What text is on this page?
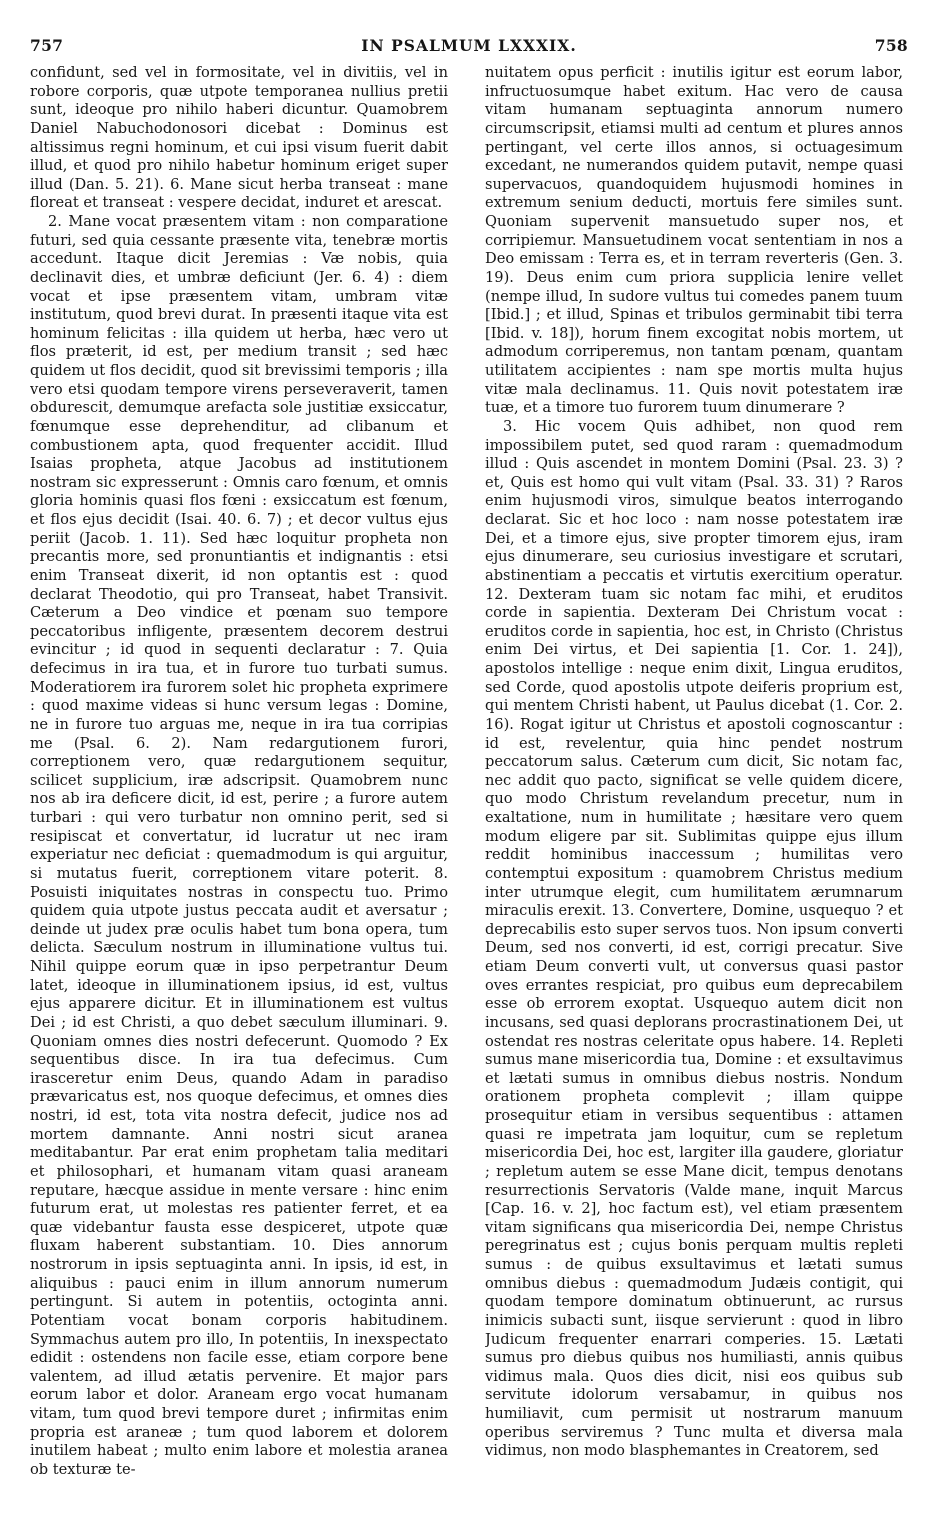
757	IN PSALMUM LXXXIX.	758

confidunt, sed vel in formositate, vel in divitiis, vel in robore corporis, quæ utpote temporanea nullius pretii sunt, ideoque pro nihilo haberi dicuntur. Quamobrem Daniel Nabuchodonosori dicebat : Dominus est altissimus regni hominum, et cui ipsi visum fuerit dabit illud, et quod pro nihilo habetur hominum eriget super illud (Dan. 5. 21). 6. Mane sicut herba transeat : mane floreat et transeat : vespere decidat, induret et arescat.

2. Mane vocat præsentem vitam : non comparatione futuri, sed quia cessante præsente vita, tenebræ mortis accedunt. Itaque dicit Jeremias : Væ nobis, quia declinavit dies, et umbræ deficiunt (Jer. 6. 4) : diem vocat et ipse præsentem vitam, umbram vitæ institutum, quod brevi durat. In præsenti itaque vita est hominum felicitas : illa quidem ut herba, hæc vero ut flos præterit, id est, per medium transit ; sed hæc quidem ut flos decidit, quod sit brevissimi temporis ; illa vero etsi quodam tempore virens perseveraverit, tamen obdurescit, demumque arefacta sole justitiæ exsiccatur, fœnumque esse deprehenditur, ad clibanum et combustionem apta, quod frequenter accidit. Illud Isaias propheta, atque Jacobus ad institutionem nostram sic expresserunt : Omnis caro fœnum, et omnis gloria hominis quasi flos fœni : exsiccatum est fœnum, et flos ejus decidit (Isai. 40. 6. 7) ; et decor vultus ejus periit (Jacob. 1. 11). Sed hæc loquitur propheta non precantis more, sed pronuntiantis et indignantis : etsi enim Transeat dixerit, id non optantis est : quod declarat Theodotio, qui pro Transeat, habet Transivit. Cæterum a Deo vindice et pœnam suo tempore peccatoribus infligente, præsentem decorem destrui evincitur ; id quod in sequenti declaratur : 7. Quia defecimus in ira tua, et in furore tuo turbati sumus. Moderatiorem ira furorem solet hic propheta exprimere : quod maxime videas si hunc versum legas : Domine, ne in furore tuo arguas me, neque in ira tua corripias me (Psal. 6. 2). Nam redargutionem furori, correptionem vero, quæ redargutionem sequitur, scilicet supplicium, iræ adscripsit. Quamobrem nunc nos ab ira deficere dicit, id est, perire ; a furore autem turbari : qui vero turbatur non omnino perit, sed si resipiscat et convertatur, id lucratur ut nec iram experiatur nec deficiat : quemadmodum is qui arguitur, si mutatus fuerit, correptionem vitare poterit. 8. Posuisti iniquitates nostras in conspectu tuo. Primo quidem quia utpote justus peccata audit et aversatur ; deinde ut judex præ oculis habet tum bona opera, tum delicta. Sæculum nostrum in illuminatione vultus tui. Nihil quippe eorum quæ in ipso perpetrantur Deum latet, ideoque in illuminationem ipsius, id est, vultus ejus apparere dicitur. Et in illuminationem est vultus Dei ; id est Christi, a quo debet sæculum illuminari. 9. Quoniam omnes dies nostri defecerunt. Quomodo ? Ex sequentibus disce. In ira tua defecimus. Cum irasceretur enim Deus, quando Adam in paradiso prævaricatus est, nos quoque defecimus, et omnes dies nostri, id est, tota vita nostra defecit, judice nos ad mortem damnante. Anni nostri sicut aranea meditabantur. Par erat enim prophetam talia meditari et philosophari, et humanam vitam quasi araneam reputare, hæcque assidue in mente versare : hinc enim futurum erat, ut molestas res patienter ferret, et ea quæ videbantur fausta esse despiceret, utpote quæ fluxam haberent substantiam. 10. Dies annorum nostrorum in ipsis septuaginta anni. In ipsis, id est, in aliquibus : pauci enim in illum annorum numerum pertingunt. Si autem in potentiis, octoginta anni. Potentiam vocat bonam corporis habitudinem. Symmachus autem pro illo, In potentiis, In inexspectato edidit : ostendens non facile esse, etiam corpore bene valentem, ad illud ætatis pervenire. Et major pars eorum labor et dolor. Araneam ergo vocat humanam vitam, tum quod brevi tempore duret ; infirmitas enim propria est araneæ ; tum quod laborem et dolorem inutilem habeat ; multo enim labore et molestia aranea ob texturæ te-

nuitatem opus perficit : inutilis igitur est eorum labor, infructuosumque habet exitum. Hac vero de causa vitam humanam septuaginta annorum numero circumscripsit, etiamsi multi ad centum et plures annos pertingant, vel certe illos annos, si octuagesimum excedant, ne numerandos quidem putavit, nempe quasi supervacuos, quandoquidem hujusmodi homines in extremum senium deducti, mortuis fere similes sunt. Quoniam supervenit mansuetudo super nos, et corripiemur. Mansuetudinem vocat sententiam in nos a Deo emissam : Terra es, et in terram reverteris (Gen. 3. 19). Deus enim cum priora supplicia lenire vellet (nempe illud, In sudore vultus tui comedes panem tuum [Ibid.] ; et illud, Spinas et tribulos germinabit tibi terra [Ibid. v. 18]), horum finem excogitat nobis mortem, ut admodum corriperemus, non tantam pœnam, quantam utilitatem accipientes : nam spe mortis multa hujus vitæ mala declinamus. 11. Quis novit potestatem iræ tuæ, et a timore tuo furorem tuum dinumerare ?

3. Hic vocem Quis adhibet, non quod rem impossibilem putet, sed quod raram : quemadmodum illud : Quis ascendet in montem Domini (Psal. 23. 3) ? et, Quis est homo qui vult vitam (Psal. 33. 31) ? Raros enim hujusmodi viros, simulque beatos interrogando declarat. Sic et hoc loco : nam nosse potestatem iræ Dei, et a timore ejus, sive propter timorem ejus, iram ejus dinumerare, seu curiosius investigare et scrutari, abstinentiam a peccatis et virtutis exercitium operatur. 12. Dexteram tuam sic notam fac mihi, et eruditos corde in sapientia. Dexteram Dei Christum vocat : eruditos corde in sapientia, hoc est, in Christo (Christus enim Dei virtus, et Dei sapientia [1. Cor. 1. 24]), apostolos intellige : neque enim dixit, Lingua eruditos, sed Corde, quod apostolis utpote deiferis proprium est, qui mentem Christi habent, ut Paulus dicebat (1. Cor. 2. 16). Rogat igitur ut Christus et apostoli cognoscantur : id est, revelentur, quia hinc pendet nostrum peccatorum salus. Cæterum cum dicit, Sic notam fac, nec addit quo pacto, significat se velle quidem dicere, quo modo Christum revelandum precetur, num in exaltatione, num in humilitate ; hæsitare vero quem modum eligere par sit. Sublimitas quippe ejus illum reddit hominibus inaccessum ; humilitas vero contemptui expositum : quamobrem Christus medium inter utrumque elegit, cum humilitatem ærumnarum miraculis erexit. 13. Convertere, Domine, usquequo ? et deprecabilis esto super servos tuos. Non ipsum converti Deum, sed nos converti, id est, corrigi precatur. Sive etiam Deum converti vult, ut conversus quasi pastor oves errantes respiciat, pro quibus eum deprecabilem esse ob errorem exoptat. Usquequo autem dicit non incusans, sed quasi deplorans procrastinationem Dei, ut ostendat res nostras celeritate opus habere. 14. Repleti sumus mane misericordia tua, Domine : et exsultavimus et lætati sumus in omnibus diebus nostris. Nondum orationem propheta complevit ; illam quippe prosequitur etiam in versibus sequentibus : attamen quasi re impetrata jam loquitur, cum se repletum misericordia Dei, hoc est, largiter illa gaudere, gloriatur ; repletum autem se esse Mane dicit, tempus denotans resurrectionis Servatoris (Valde mane, inquit Marcus [Cap. 16. v. 2], hoc factum est), vel etiam præsentem vitam significans qua misericordia Dei, nempe Christus peregrinatus est ; cujus bonis perquam multis repleti sumus : de quibus exsultavimus et lætati sumus omnibus diebus : quemadmodum Judæis contigit, qui quodam tempore dominatum obtinuerunt, ac rursus inimicis subacti sunt, iisque servierunt : quod in libro Judicum frequenter enarrari comperies. 15. Lætati sumus pro diebus quibus nos humiliasti, annis quibus vidimus mala. Quos dies dicit, nisi eos quibus sub servitute idolorum versabamur, in quibus nos humiliavit, cum permisit ut nostrarum manuum operibus serviremus ? Tunc multa et diversa mala vidimus, non modo blasphemantes in Creatorem, sed
